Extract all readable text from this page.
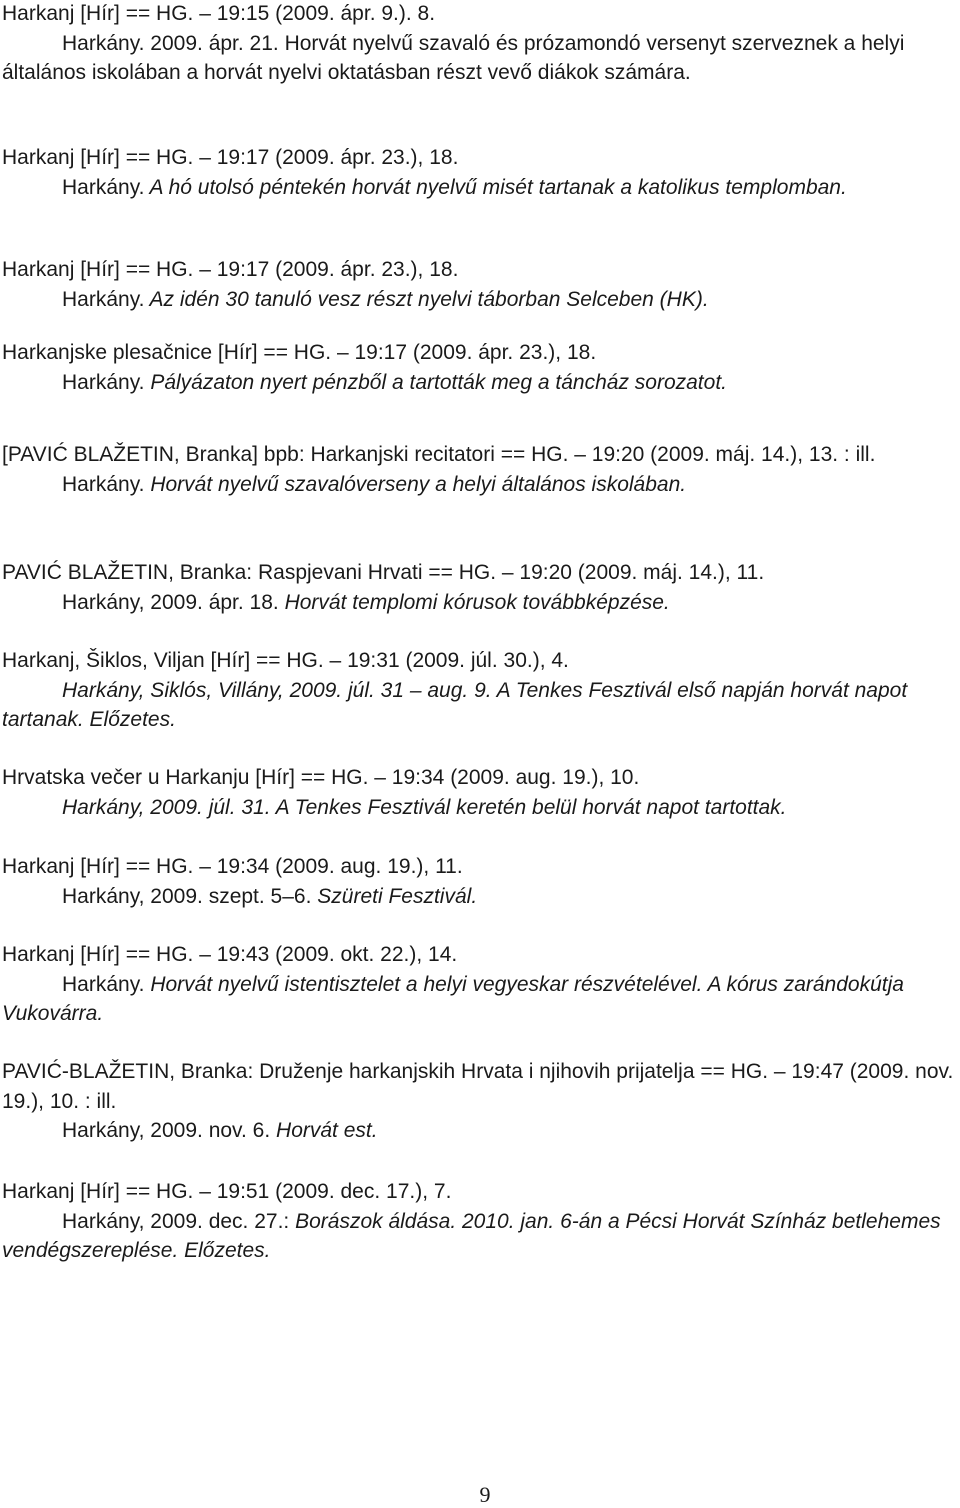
Harkanj [Hír] == HG. – 19:15 (2009. ápr. 9.). 8.

Harkány. 2009. ápr. 21. Horvát nyelvű szavaló és prózamondó versenyt szerveznek a helyi általános iskolában a horvát nyelvi oktatásban részt vevő diákok számára.

Harkanj [Hír] == HG. – 19:17 (2009. ápr. 23.), 18.

Harkány. A hó utolsó péntekén horvát nyelvű misét tartanak a katolikus templomban.

Harkanj [Hír] == HG. – 19:17 (2009. ápr. 23.), 18.

Harkány. Az idén 30 tanuló vesz részt nyelvi táborban Selceben (HK).

Harkanjske plesačnice [Hír] == HG. – 19:17 (2009. ápr. 23.), 18.

Harkány. Pályázaton nyert pénzből a tartották meg a táncház sorozatot.

[PAVIĆ BLAŽETIN, Branka] bpb: Harkanjski recitatori == HG. – 19:20 (2009. máj. 14.), 13. : ill.

Harkány. Horvát nyelvű szavalóverseny a helyi általános iskolában.

PAVIĆ BLAŽETIN, Branka: Raspjevani Hrvati == HG. – 19:20 (2009. máj. 14.), 11.

Harkány, 2009. ápr. 18. Horvát templomi kórusok továbbképzése.

Harkanj, Šiklos, Viljan [Hír] == HG. – 19:31 (2009. júl. 30.), 4.

Harkány, Siklós, Villány, 2009. júl. 31 – aug. 9. A Tenkes Fesztivál első napján horvát napot tartanak. Előzetes.

Hrvatska večer u Harkanju [Hír] == HG. – 19:34 (2009. aug. 19.), 10.

Harkány, 2009. júl. 31. A Tenkes Fesztivál keretén belül horvát napot tartottak.

Harkanj [Hír] == HG. – 19:34 (2009. aug. 19.), 11.

Harkány, 2009. szept. 5–6. Szüreti Fesztivál.

Harkanj [Hír] == HG. – 19:43 (2009. okt. 22.), 14.

Harkány. Horvát nyelvű istentisztelet a helyi vegyeskar részvételével. A kórus zarándokútja Vukovárra.

PAVIĆ-BLAŽETIN, Branka: Druženje harkanjskih Hrvata i njihovih prijatelja == HG. – 19:47 (2009. nov. 19.), 10. : ill.

Harkány, 2009. nov. 6. Horvát est.

Harkanj [Hír] == HG. – 19:51 (2009. dec. 17.), 7.

Harkány, 2009. dec. 27.: Borászok áldása. 2010. jan. 6-án a Pécsi Horvát Színház betlehemes vendégszereplése. Előzetes.

9
